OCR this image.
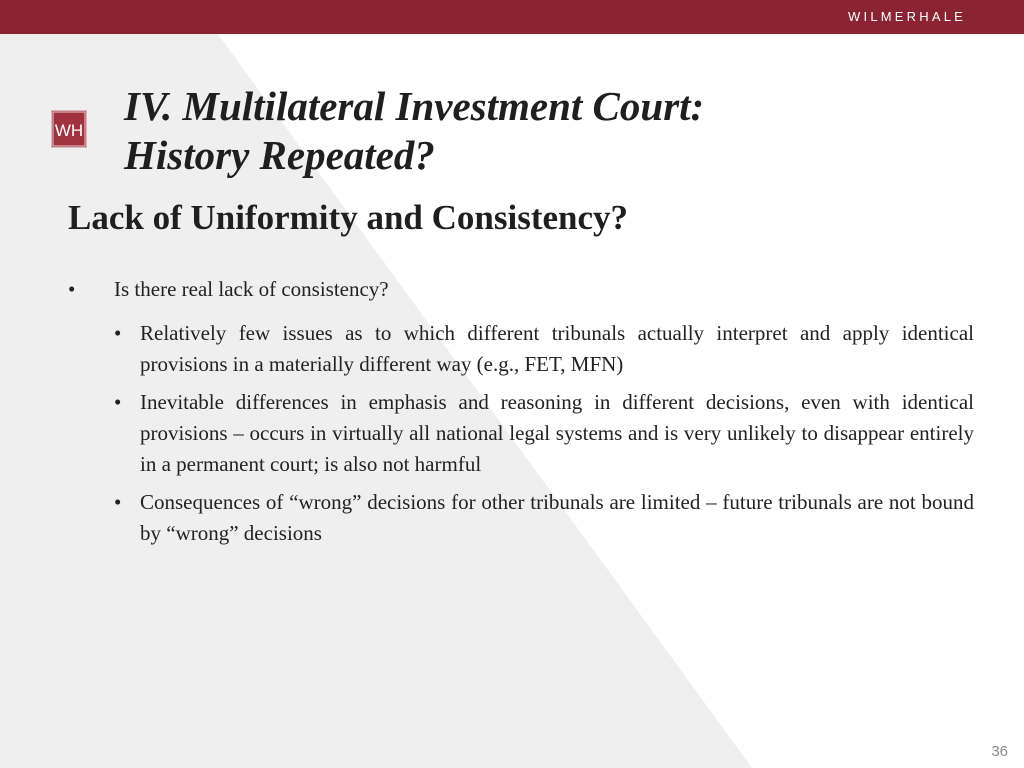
WILMERHALE
WH
IV. Multilateral Investment Court:
History Repeated?
Lack of Uniformity and Consistency?
• Is there real lack of consistency?
• Relatively few issues as to which different tribunals actually interpret and apply identical provisions in a materially different way (e.g., FET, MFN)
• Inevitable differences in emphasis and reasoning in different decisions, even with identical provisions – occurs in virtually all national legal systems and is very unlikely to disappear entirely in a permanent court; is also not harmful
• Consequences of “wrong” decisions for other tribunals are limited – future tribunals are not bound by “wrong” decisions
36
